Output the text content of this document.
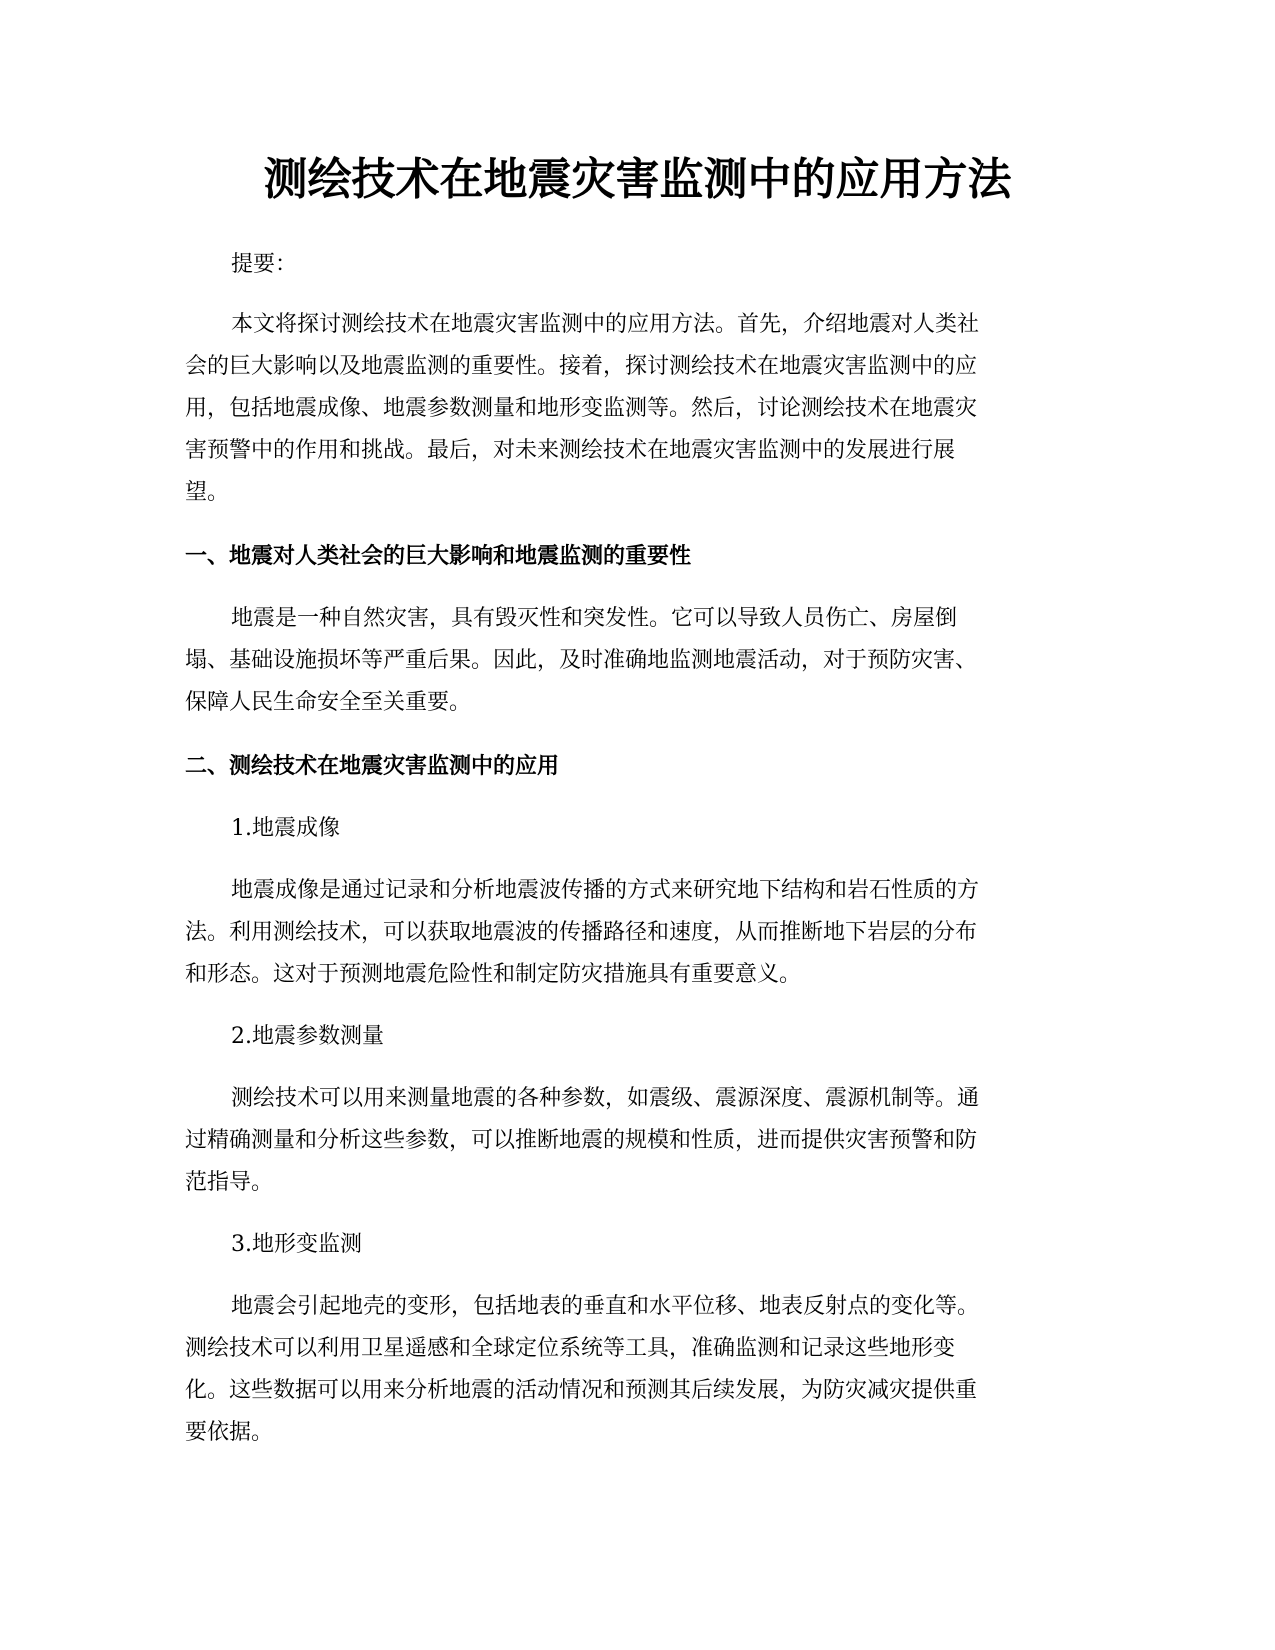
测绘技术在地震灾害监测中的应用方法
提要：

本文将探讨测绘技术在地震灾害监测中的应用方法。首先，介绍地震对人类社
会的巨大影响以及地震监测的重要性。接着，探讨测绘技术在地震灾害监测中的应
用，包括地震成像、地震参数测量和地形变监测等。然后，讨论测绘技术在地震灾
害预警中的作用和挑战。最后，对未来测绘技术在地震灾害监测中的发展进行展
望。

一、地震对人类社会的巨大影响和地震监测的重要性

地震是一种自然灾害，具有毁灭性和突发性。它可以导致人员伤亡、房屋倒
塌、基础设施损坏等严重后果。因此，及时准确地监测地震活动，对于预防灾害、
保障人民生命安全至关重要。

二、测绘技术在地震灾害监测中的应用
1.地震成像

地震成像是通过记录和分析地震波传播的方式来研究地下结构和岩石性质的方
法。利用测绘技术，可以获取地震波的传播路径和速度，从而推断地下岩层的分布
和形态。这对于预测地震危险性和制定防灾措施具有重要意义。

2.地震参数测量

测绘技术可以用来测量地震的各种参数，如震级、震源深度、震源机制等。通
过精确测量和分析这些参数，可以推断地震的规模和性质，进而提供灾害预警和防
范指导。

3.地形变监测

地震会引起地壳的变形，包括地表的垂直和水平位移、地表反射点的变化等。
测绘技术可以利用卫星遥感和全球定位系统等工具，准确监测和记录这些地形变
化。这些数据可以用来分析地震的活动情况和预测其后续发展，为防灾减灾提供重
要依据。
